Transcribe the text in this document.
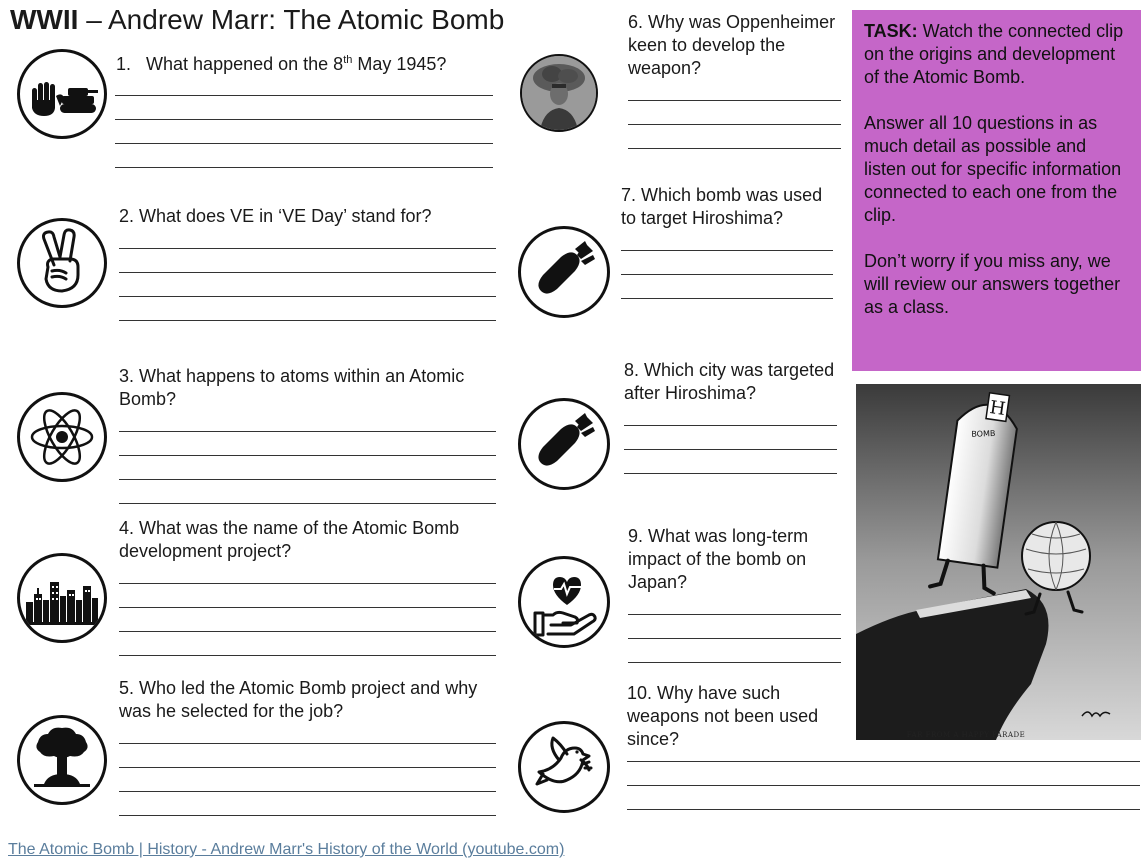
WWII – Andrew Marr: The Atomic Bomb

1. What happened on the 8th May 1945?

2. What does VE in ‘VE Day’ stand for?

3. What happens to atoms within an Atomic Bomb?

4. What was the name of the Atomic Bomb development project?

5. Who led the Atomic Bomb project and why was he selected for the job?

6. Why was Oppenheimer keen to develop the weapon?

7. Which bomb was used to target Hiroshima?

8. Which city was targeted after Hiroshima?

9. What was long-term impact of the bomb on Japan?

10. Why have such weapons not been used since?

TASK: Watch the connected clip on the origins and development of the Atomic Bomb.

Answer all 10 questions in as much detail as possible and listen out for specific information connected to each one from the clip.

Don’t worry if you miss any, we will review our answers together as a class.

H
BOMB
FAR FROM A HAPPY PARADE
The Atomic Bomb | History - Andrew Marr's History of the World (youtube.com)
